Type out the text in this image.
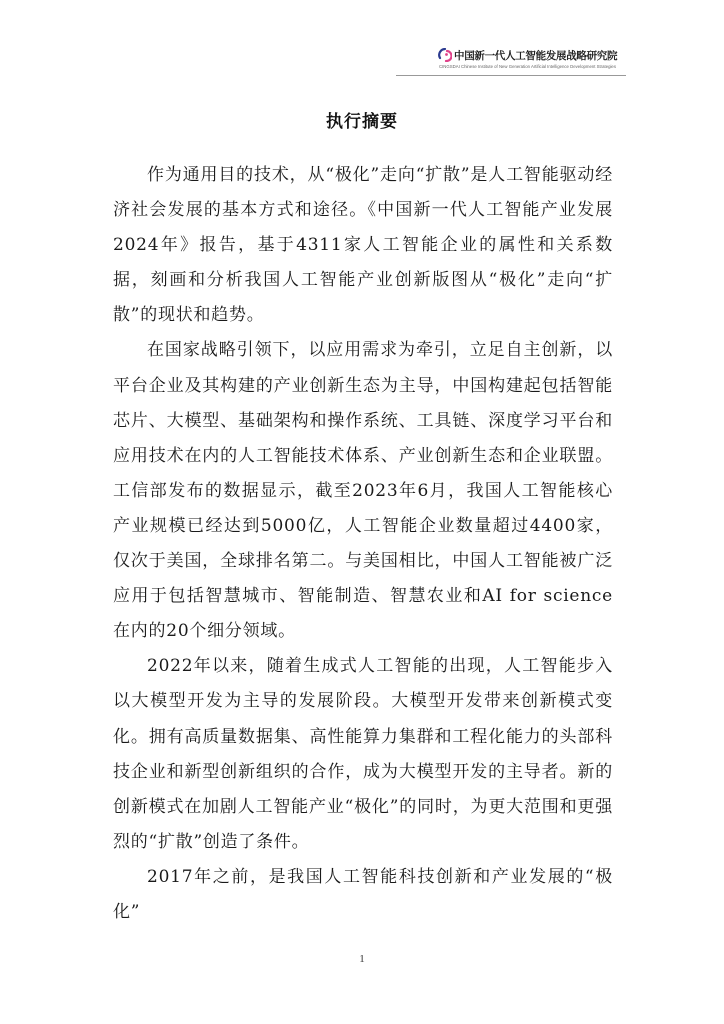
中国新一代人工智能发展战略研究院
CINGSDAI Chinese Institute of New Generation Artificial Intelligence Development Strategies
执行摘要

作为通用目的技术，从“极化”走向“扩散”是人工智能驱动经济社会发展的基本方式和途径。《中国新一代人工智能产业发展2024年》报告，基于4311家人工智能企业的属性和关系数据，刻画和分析我国人工智能产业创新版图从“极化”走向“扩散”的现状和趋势。

在国家战略引领下，以应用需求为牵引，立足自主创新，以平台企业及其构建的产业创新生态为主导，中国构建起包括智能芯片、大模型、基础架构和操作系统、工具链、深度学习平台和应用技术在内的人工智能技术体系、产业创新生态和企业联盟。工信部发布的数据显示，截至2023年6月，我国人工智能核心产业规模已经达到5000亿，人工智能企业数量超过4400家，仅次于美国，全球排名第二。与美国相比，中国人工智能被广泛应用于包括智慧城市、智能制造、智慧农业和AI for science在内的20个细分领域。

2022年以来，随着生成式人工智能的出现，人工智能步入以大模型开发为主导的发展阶段。大模型开发带来创新模式变化。拥有高质量数据集、高性能算力集群和工程化能力的头部科技企业和新型创新组织的合作，成为大模型开发的主导者。新的创新模式在加剧人工智能产业“极化”的同时，为更大范围和更强烈的“扩散”创造了条件。

2017年之前，是我国人工智能科技创新和产业发展的“极化”

1
